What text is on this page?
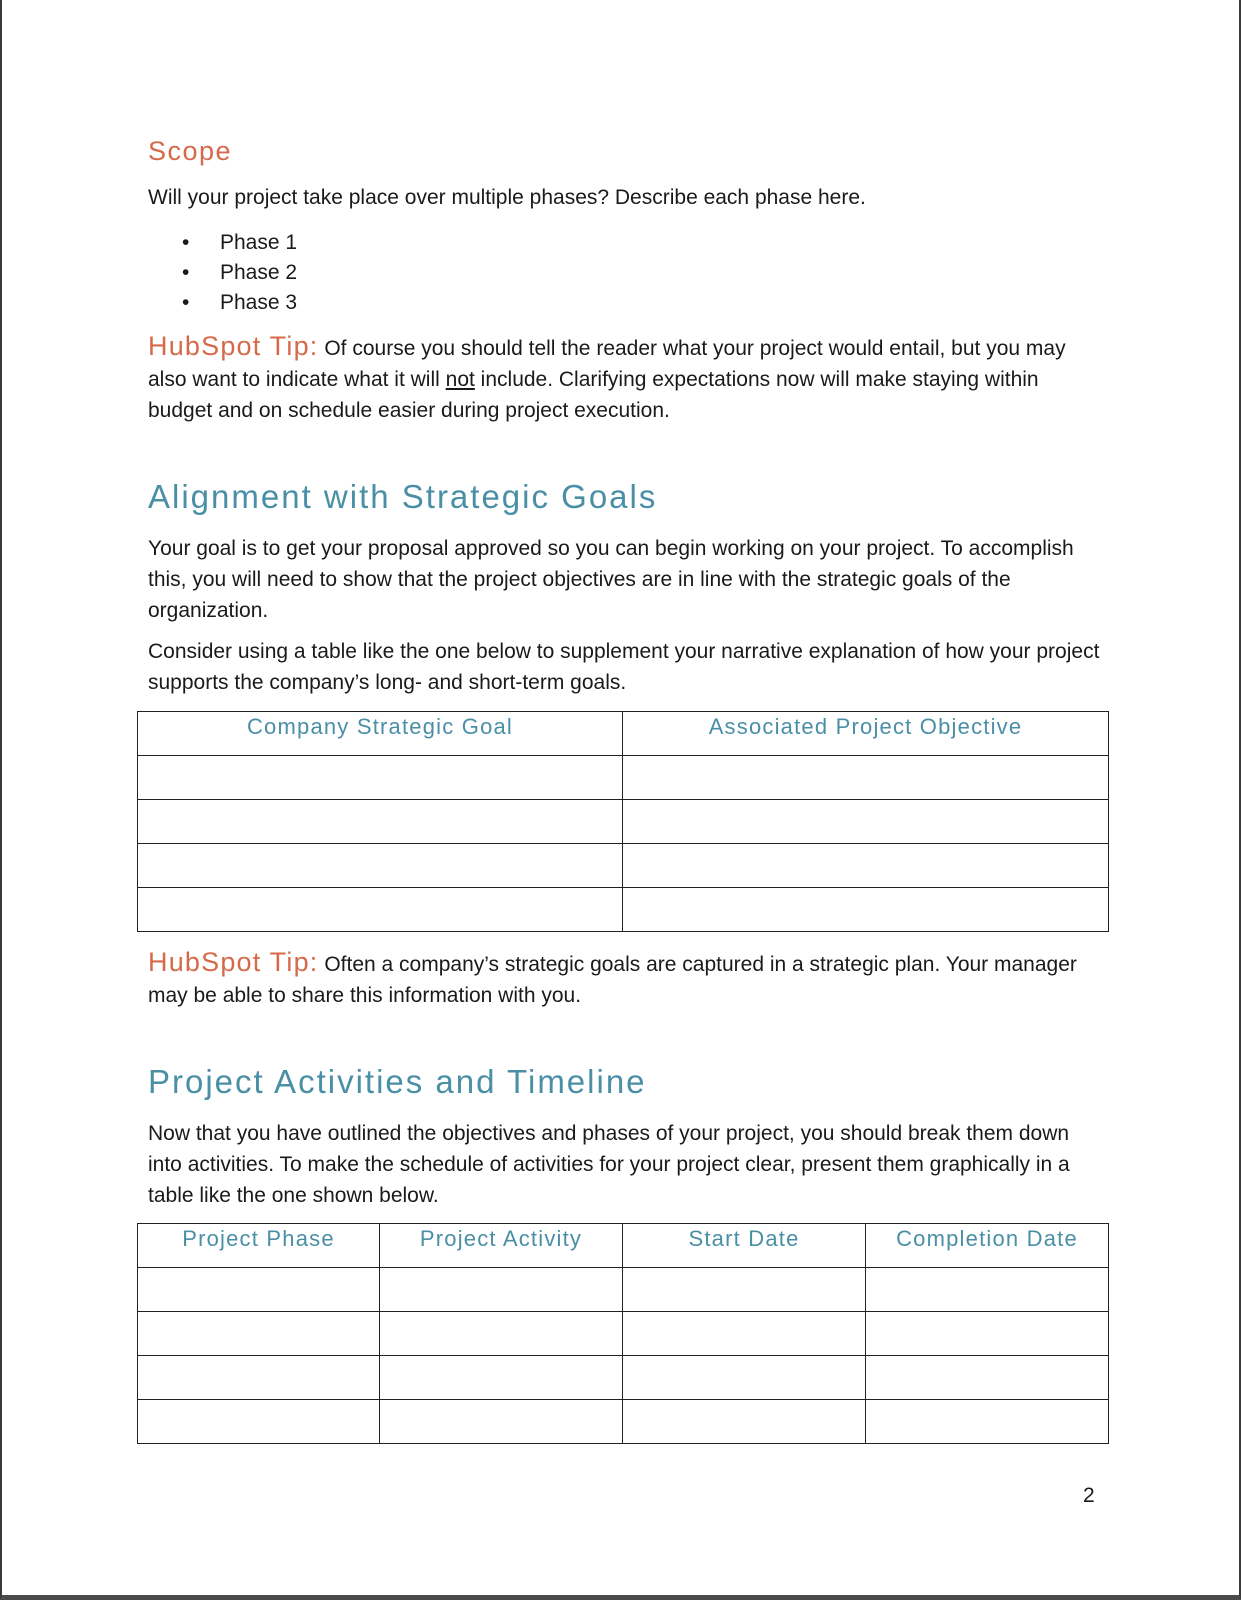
Scope
Will your project take place over multiple phases? Describe each phase here.
• Phase 1
• Phase 2
• Phase 3
HubSpot Tip: Of course you should tell the reader what your project would entail, but you may also want to indicate what it will not include. Clarifying expectations now will make staying within budget and on schedule easier during project execution.
Alignment with Strategic Goals
Your goal is to get your proposal approved so you can begin working on your project. To accomplish this, you will need to show that the project objectives are in line with the strategic goals of the organization.
Consider using a table like the one below to supplement your narrative explanation of how your project supports the company’s long- and short-term goals.
Company Strategic Goal	Associated Project Objective

HubSpot Tip: Often a company’s strategic goals are captured in a strategic plan. Your manager may be able to share this information with you.
Project Activities and Timeline
Now that you have outlined the objectives and phases of your project, you should break them down into activities. To make the schedule of activities for your project clear, present them graphically in a table like the one shown below.
Project Phase	Project Activity	Start Date	Completion Date

2
